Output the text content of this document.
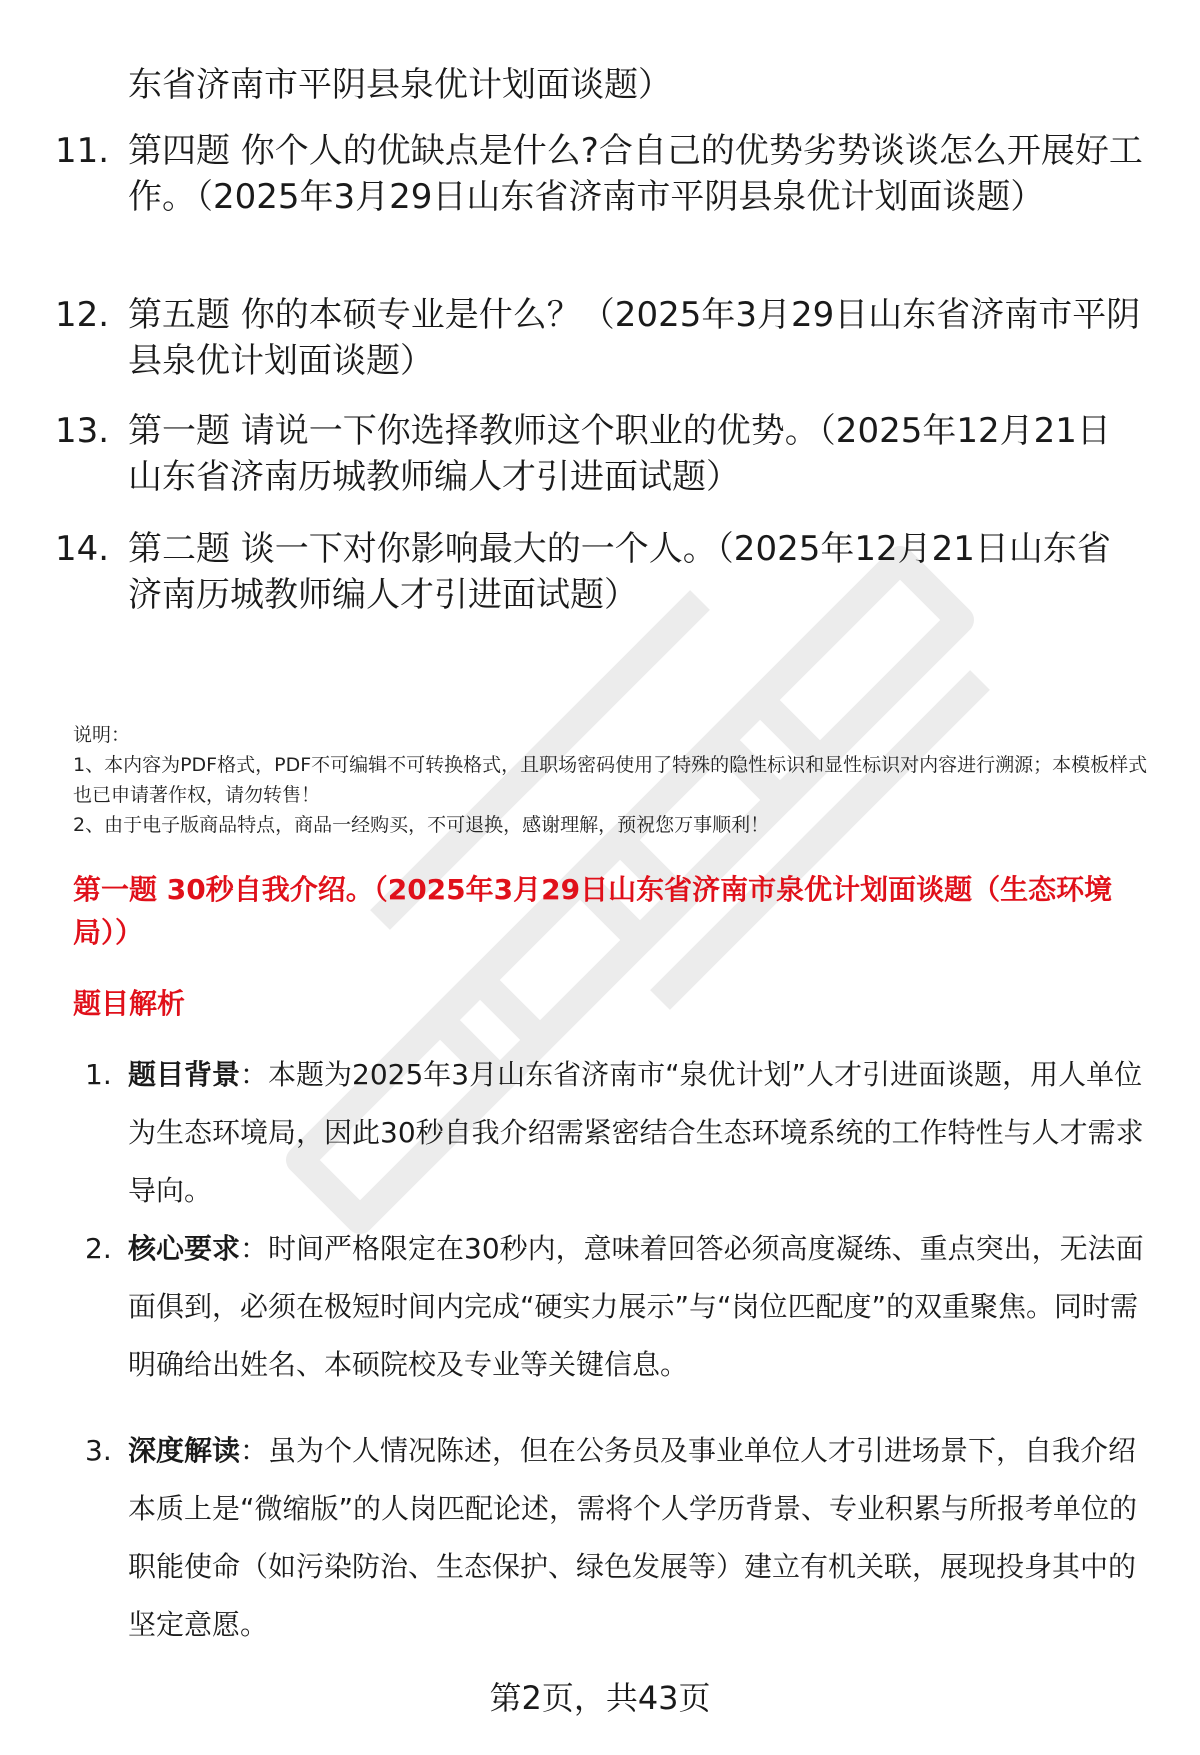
东省济南市平阴县泉优计划面谈题）
11. 第四题 你个人的优缺点是什么?合自己的优势劣势谈谈怎么开展好工作。（2025年3月29日山东省济南市平阴县泉优计划面谈题）
12. 第五题 你的本硕专业是什么？（2025年3月29日山东省济南市平阴县泉优计划面谈题）
13. 第一题 请说一下你选择教师这个职业的优势。（2025年12月21日山东省济南历城教师编人才引进面试题）
14. 第二题 谈一下对你影响最大的一个人。（2025年12月21日山东省济南历城教师编人才引进面试题）
说明：
1、本内容为PDF格式，PDF不可编辑不可转换格式，且职场密码使用了特殊的隐性标识和显性标识对内容进行溯源；本模板样式也已申请著作权，请勿转售！
2、由于电子版商品特点，商品一经购买，不可退换，感谢理解，预祝您万事顺利！
第一题 30秒自我介绍。（2025年3月29日山东省济南市泉优计划面谈题（生态环境局））
题目解析
1. 题目背景：本题为2025年3月山东省济南市“泉优计划”人才引进面谈题，用人单位为生态环境局，因此30秒自我介绍需紧密结合生态环境系统的工作特性与人才需求导向。
2. 核心要求：时间严格限定在30秒内，意味着回答必须高度凝练、重点突出，无法面面俱到，必须在极短时间内完成“硬实力展示”与“岗位匹配度”的双重聚焦。同时需明确给出姓名、本硕院校及专业等关键信息。
3. 深度解读：虽为个人情况陈述，但在公务员及事业单位人才引进场景下，自我介绍本质上是“微缩版”的人岗匹配论述，需将个人学历背景、专业积累与所报考单位的职能使命（如污染防治、生态保护、绿色发展等）建立有机关联，展现投身其中的坚定意愿。
第2页，共43页
